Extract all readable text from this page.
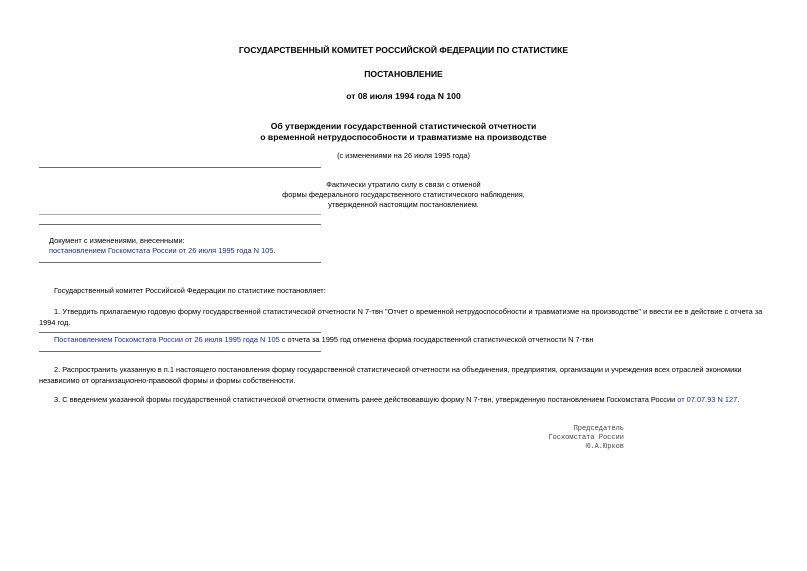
ГОСУДАРСТВЕННЫЙ КОМИТЕТ РОССИЙСКОЙ ФЕДЕРАЦИИ ПО СТАТИСТИКЕ
ПОСТАНОВЛЕНИЕ
от 08 июля 1994 года N 100
Об утверждении государственной статистической отчетности
о временной нетрудоспособности и травматизме на производстве
(с изменениями на 26 июля 1995 года)
Фактически утратило силу в связи с отменой
формы федерального государственного статистического наблюдения,
утвержденной настоящим постановлением.
Документ с изменениями, внесенными:
постановлением Госкомстата России от 26 июля 1995 года N 105.
Государственный комитет Российской Федерации по статистике постановляет:
1. Утвердить прилагаемую годовую форму государственной статистической отчетности N 7-твн "Отчет о временной нетрудоспособности и травматизме на производстве" и ввести ее в действие с отчета за 1994 год.
Постановлением Госкомстата России от 26 июля 1995 года N 105 с отчета за 1995 год отменена форма государственной статистической отчетности N 7-твн
2. Распространить указанную в п.1 настоящего постановления форму государственной статистической отчетности на объединения, предприятия, организации и учреждения всех отраслей экономики независимо от организационно-правовой формы и формы собственности.
3. С введением указанной формы государственной статистической отчетности отменить ранее действовавшую форму N 7-твн, утвержденную постановлением Госкомстата России от 07.07.93 N 127.
Председатель
Госкомстата России
Ю.А.Юрков
